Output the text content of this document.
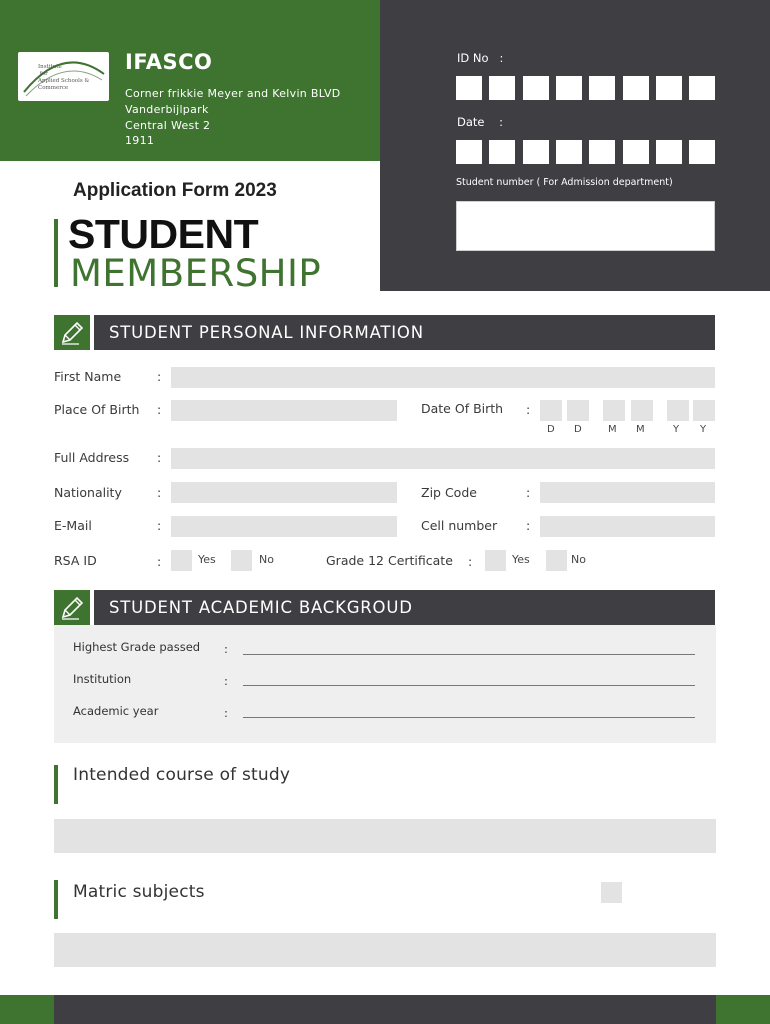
Institute
for
Applied Schools &
Commerce
IFASCO
Corner frikkie Meyer and Kelvin BLVD
Vanderbijlpark
Central West 2
1911
ID No   :
Date    :
Student number ( For Admission department)
Application Form 2023
STUDENT
MEMBERSHIP
STUDENT PERSONAL INFORMATION
First Name	:
Place Of Birth :	Date Of Birth :
D D	M M	Y Y
Full Address :
Nationality	:	Zip Code	:
E-Mail	:	Cell number :
RSA ID	:	Yes	No	Grade 12 Certificate :	Yes	No
STUDENT ACADEMIC BACKGROUD
Highest Grade passed :
Institution	:
Academic year	:
Intended course of study
Matric subjects
